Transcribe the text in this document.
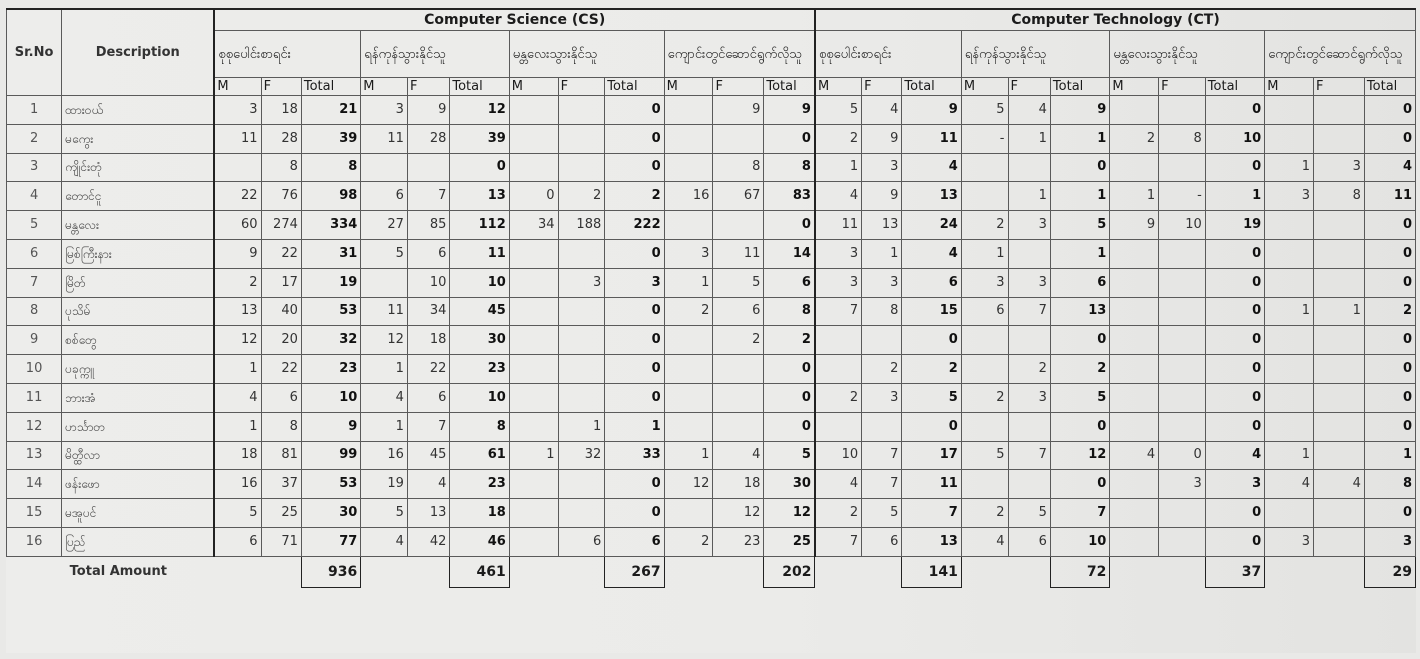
Sr.No	Description	Computer Science (CS)												Computer Technology (CT)											
		စုစုပေါင်းစာရင်း			ရန်ကုန်သွားနိုင်သူ			မန္တလေးသွားနိုင်သူ			ကျောင်းတွင်ဆောင်ရွက်လိုသူ			စုစုပေါင်းစာရင်း			ရန်ကုန်သွားနိုင်သူ			မန္တလေးသွားနိုင်သူ			ကျောင်းတွင်ဆောင်ရွက်လိုသူ		
		M	F	Total	M	F	Total	M	F	Total	M	F	Total	M	F	Total	M	F	Total	M	F	Total	M	F	Total
1	ထားဝယ်	3	18	21	3	9	12			0		9	9	5	4	9	5	4	9			0			0
2	မကွေး	11	28	39	11	28	39			0			0	2	9	11	-	1	1	2	8	10			0
3	ကျိုင်းတုံ		8	8			0			0		8	8	1	3	4			0			0	1	3	4
4	တောင်ငူ	22	76	98	6	7	13	0	2	2	16	67	83	4	9	13		1	1	1	-	1	3	8	11
5	မန္တလေး	60	274	334	27	85	112	34	188	222			0	11	13	24	2	3	5	9	10	19			0
6	မြစ်ကြီးနား	9	22	31	5	6	11			0	3	11	14	3	1	4	1		1			0			0
7	မြိတ်	2	17	19		10	10		3	3	1	5	6	3	3	6	3	3	6			0			0
8	ပုသိမ်	13	40	53	11	34	45			0	2	6	8	7	8	15	6	7	13			0	1	1	2
9	စစ်တွေ	12	20	32	12	18	30			0		2	2			0			0			0			0
10	ပခုက္ကူ	1	22	23	1	22	23			0			0		2	2		2	2			0			0
11	ဘားအံ	4	6	10	4	6	10			0			0	2	3	5	2	3	5			0			0
12	ဟင်္သာတ	1	8	9	1	7	8		1	1			0			0			0			0			0
13	မိတ္ထီလာ	18	81	99	16	45	61	1	32	33	1	4	5	10	7	17	5	7	12	4	0	4	1		1
14	ဖန်းဖော	16	37	53	19	4	23			0	12	18	30	4	7	11			0		3	3	4	4	8
15	မအူပင်	5	25	30	5	13	18			0		12	12	2	5	7	2	5	7			0			0
16	ပြည်	6	71	77	4	42	46		6	6	2	23	25	7	6	13	4	6	10			0	3		3
	Total Amount			936			461			267			202			141			72			37			29
